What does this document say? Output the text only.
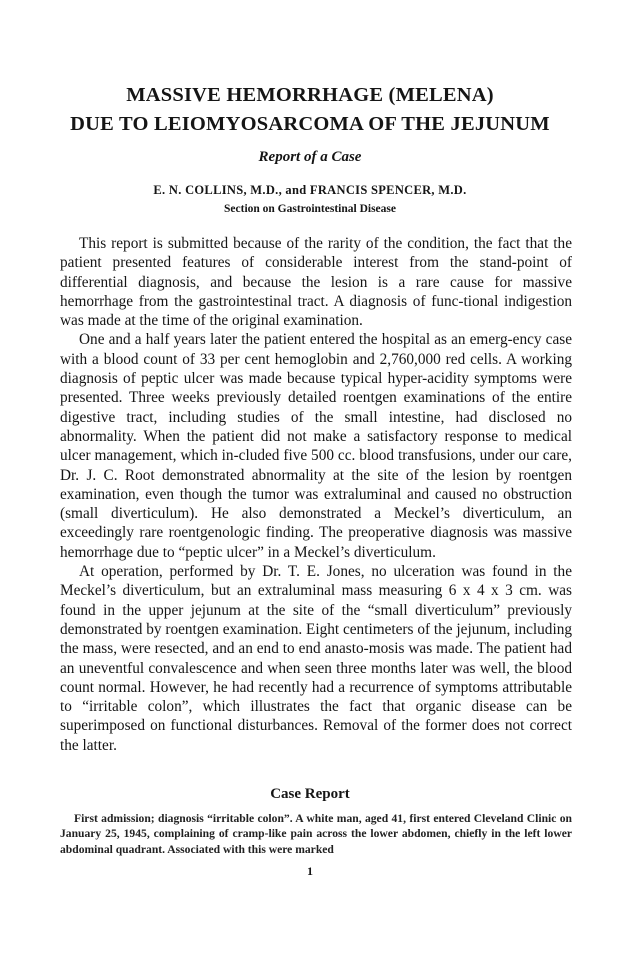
MASSIVE HEMORRHAGE (MELENA)
DUE TO LEIOMYOSARCOMA OF THE JEJUNUM
Report of a Case
E. N. COLLINS, M.D., and FRANCIS SPENCER, M.D.
Section on Gastrointestinal Disease

This report is submitted because of the rarity of the condition, the fact that the patient presented features of considerable interest from the stand-point of differential diagnosis, and because the lesion is a rare cause for massive hemorrhage from the gastrointestinal tract. A diagnosis of func-tional indigestion was made at the time of the original examination.

One and a half years later the patient entered the hospital as an emerg-ency case with a blood count of 33 per cent hemoglobin and 2,760,000 red cells. A working diagnosis of peptic ulcer was made because typical hyper-acidity symptoms were presented. Three weeks previously detailed roentgen examinations of the entire digestive tract, including studies of the small intestine, had disclosed no abnormality. When the patient did not make a satisfactory response to medical ulcer management, which in-cluded five 500 cc. blood transfusions, under our care, Dr. J. C. Root demonstrated abnormality at the site of the lesion by roentgen examination, even though the tumor was extraluminal and caused no obstruction (small diverticulum). He also demonstrated a Meckel’s diverticulum, an exceedingly rare roentgenologic finding. The preoperative diagnosis was massive hemorrhage due to “peptic ulcer” in a Meckel’s diverticulum.

At operation, performed by Dr. T. E. Jones, no ulceration was found in the Meckel’s diverticulum, but an extraluminal mass measuring 6 x 4 x 3 cm. was found in the upper jejunum at the site of the “small diverticulum” previously demonstrated by roentgen examination. Eight centimeters of the jejunum, including the mass, were resected, and an end to end anasto-mosis was made. The patient had an uneventful convalescence and when seen three months later was well, the blood count normal. However, he had recently had a recurrence of symptoms attributable to “irritable colon”, which illustrates the fact that organic disease can be superimposed on functional disturbances. Removal of the former does not correct the latter.

Case Report

First admission; diagnosis “irritable colon”. A white man, aged 41, first entered Cleveland Clinic on January 25, 1945, complaining of cramp-like pain across the lower abdomen, chiefly in the left lower abdominal quadrant. Associated with this were marked

1
